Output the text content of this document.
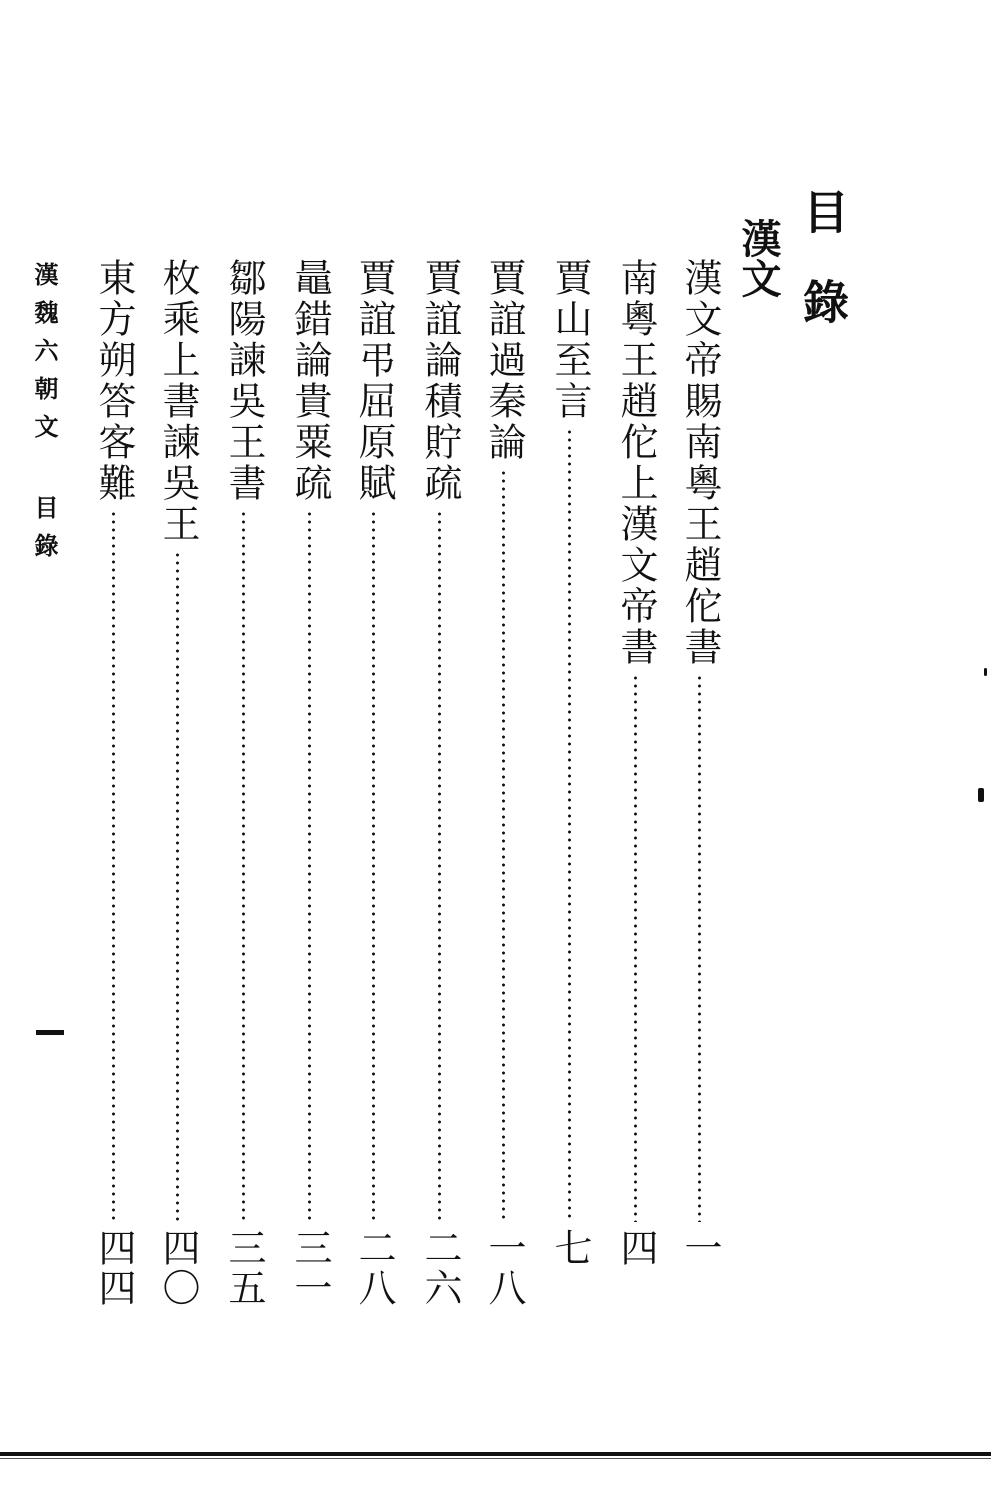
目錄
漢文
漢文帝賜南粵王趙佗書
一
南粵王趙佗上漢文帝書
四
賈山至言
七
賈誼過秦論
一八
賈誼論積貯疏
二六
賈誼弔屈原賦
二八
鼂錯論貴粟疏
三一
鄒陽諫吳王書
三五
枚乘上書諫吳王
四〇
東方朔答客難
四四
漢魏六朝文 目錄
